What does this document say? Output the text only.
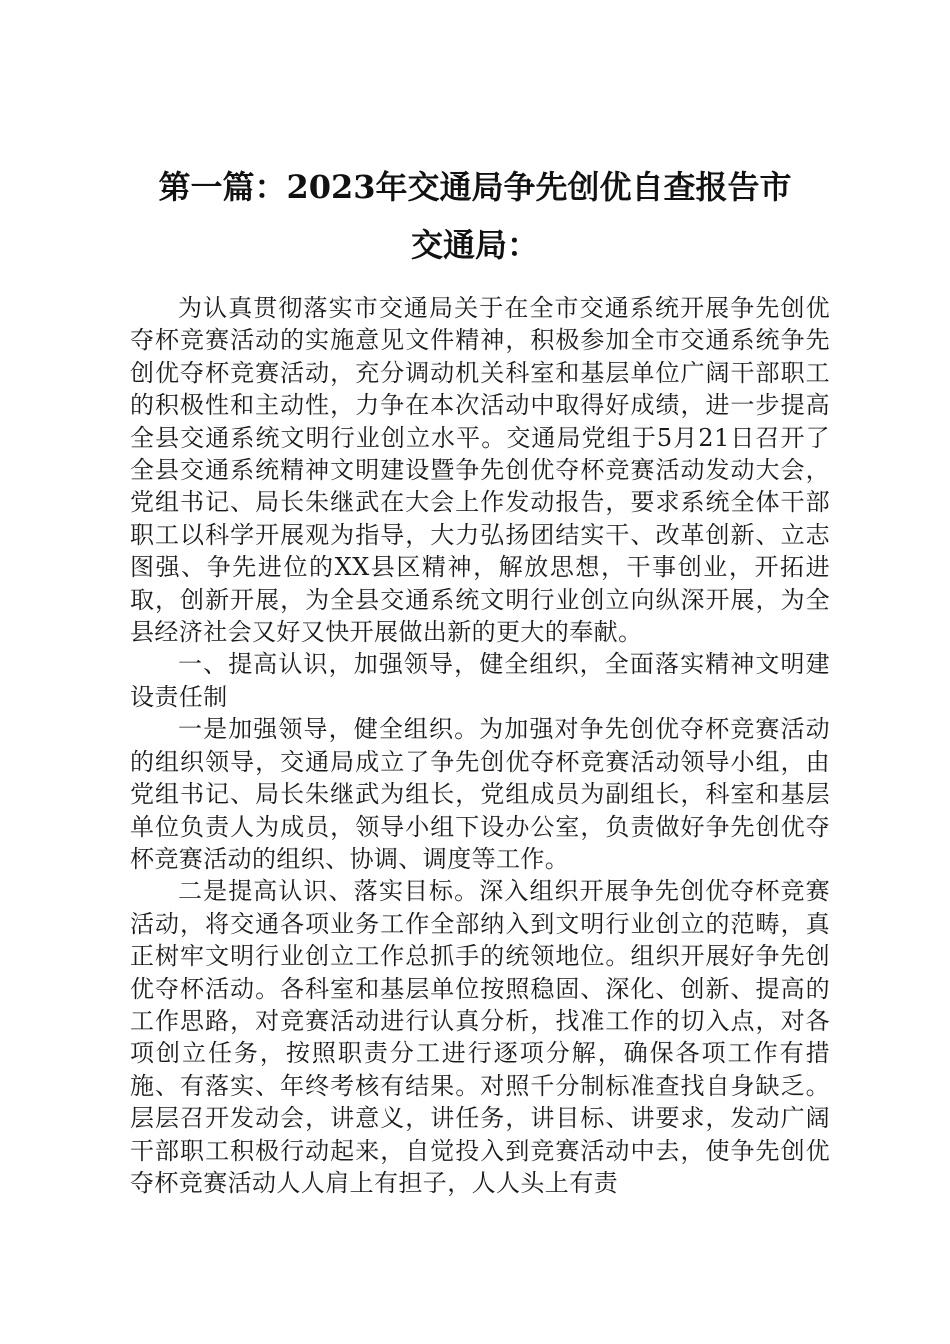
第一篇：2023年交通局争先创优自查报告市
交通局：

为认真贯彻落实市交通局关于在全市交通系统开展争先创优夺杯竞赛活动的实施意见文件精神，积极参加全市交通系统争先创优夺杯竞赛活动，充分调动机关科室和基层单位广阔干部职工的积极性和主动性，力争在本次活动中取得好成绩，进一步提高全县交通系统文明行业创立水平。交通局党组于5月21日召开了全县交通系统精神文明建设暨争先创优夺杯竞赛活动发动大会，党组书记、局长朱继武在大会上作发动报告，要求系统全体干部职工以科学开展观为指导，大力弘扬团结实干、改革创新、立志图强、争先进位的XX县区精神，解放思想，干事创业，开拓进取，创新开展，为全县交通系统文明行业创立向纵深开展，为全县经济社会又好又快开展做出新的更大的奉献。

一、提高认识，加强领导，健全组织，全面落实精神文明建设责任制

一是加强领导，健全组织。为加强对争先创优夺杯竞赛活动的组织领导，交通局成立了争先创优夺杯竞赛活动领导小组，由党组书记、局长朱继武为组长，党组成员为副组长，科室和基层单位负责人为成员，领导小组下设办公室，负责做好争先创优夺杯竞赛活动的组织、协调、调度等工作。

二是提高认识、落实目标。深入组织开展争先创优夺杯竞赛活动，将交通各项业务工作全部纳入到文明行业创立的范畴，真正树牢文明行业创立工作总抓手的统领地位。组织开展好争先创优夺杯活动。各科室和基层单位按照稳固、深化、创新、提高的工作思路，对竞赛活动进行认真分析，找准工作的切入点，对各项创立任务，按照职责分工进行逐项分解，确保各项工作有措施、有落实、年终考核有结果。对照千分制标准查找自身缺乏。层层召开发动会，讲意义，讲任务，讲目标、讲要求，发动广阔干部职工积极行动起来，自觉投入到竞赛活动中去，使争先创优夺杯竞赛活动人人肩上有担子，人人头上有责
